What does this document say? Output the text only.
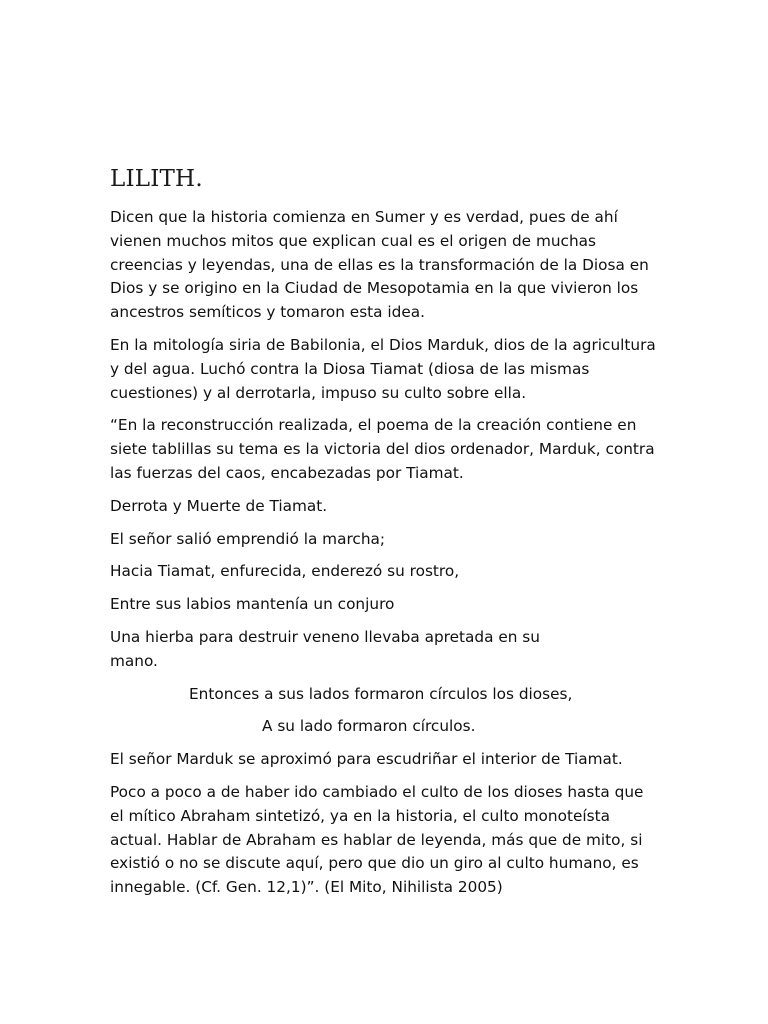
LILITH.

Dicen que la historia comienza en Sumer y es verdad, pues de ahí vienen muchos mitos que explican cual es el origen de muchas creencias y leyendas, una de ellas es la transformación de la Diosa en Dios y se origino en la Ciudad de Mesopotamia en la que vivieron los ancestros semíticos y tomaron esta idea.

En la mitología siria de Babilonia, el Dios Marduk, dios de la agricultura y del agua. Luchó contra la Diosa Tiamat (diosa de las mismas cuestiones) y al derrotarla, impuso su culto sobre ella.

“En la reconstrucción realizada, el poema de la creación contiene en siete tablillas su tema es la victoria del dios ordenador, Marduk, contra las fuerzas del caos, encabezadas por Tiamat.

Derrota y Muerte de Tiamat.

El señor salió emprendió la marcha;

Hacia Tiamat, enfurecida, enderezó su rostro,

Entre sus labios mantenía un conjuro

Una hierba para destruir veneno llevaba apretada en su mano.

Entonces a sus lados formaron círculos los dioses,

A su lado formaron círculos.

El señor Marduk se aproximó para escudriñar el interior de Tiamat.

Poco a poco a de haber ido cambiado el culto de los dioses hasta que el mítico Abraham sintetizó, ya en la historia, el culto monoteísta actual. Hablar de Abraham es hablar de leyenda, más que de mito, si existió o no se discute aquí, pero que dio un giro al culto humano, es innegable. (Cf. Gen. 12,1)”. (El Mito, Nihilista 2005)
